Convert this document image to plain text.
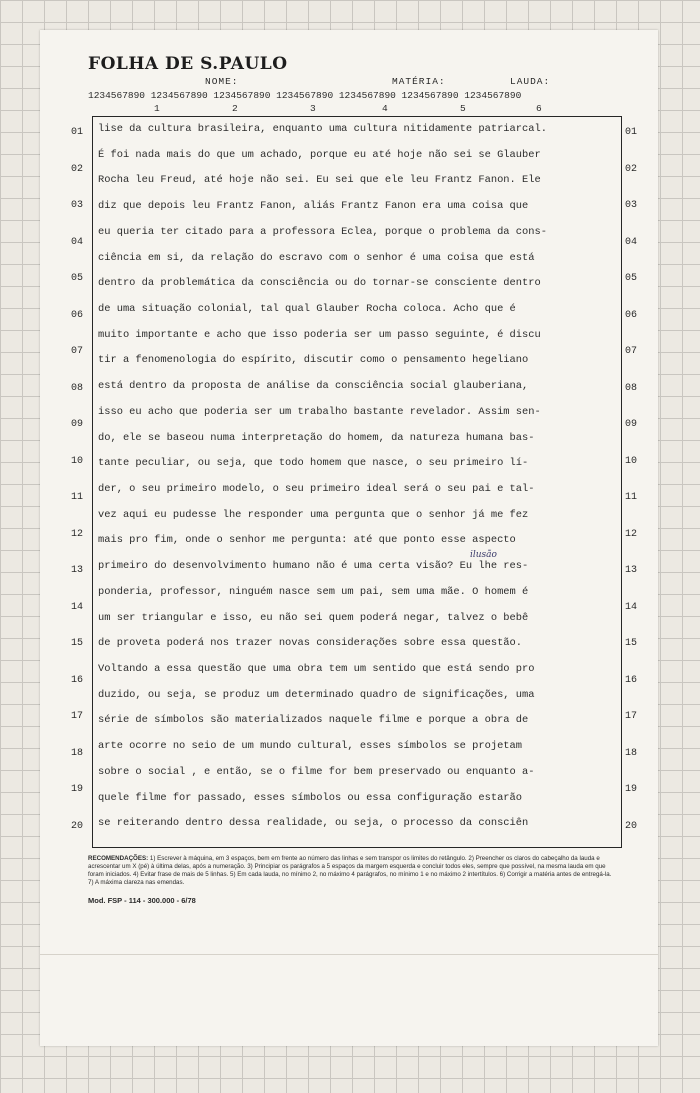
FOLHA DE S.PAULO
NOME:	MATÉRIA:	LAUDA:
1234567890 1234567890 1234567890 1234567890 1234567890 1234567890 1234567890
1	2	3	4	5	6
ilusão
RECOMENDAÇÕES: 1) Escrever à máquina, em 3 espaços, bem em frente ao número das linhas e sem transpor os limites do retângulo. 2) Preencher os claros do cabeçalho da lauda e acrescentar um X (pé) à última delas, após a numeração. 3) Principiar os parágrafos a 5 espaços da margem esquerda e concluir todos eles, sempre que possível, na mesma lauda em que foram iniciados. 4) Evitar frase de mais de 5 linhas. 5) Em cada lauda, no mínimo 2, no máximo 4 parágrafos, no mínimo 1 e no máximo 2 intertítulos. 6) Corrigir a matéria antes de entregá-la. 7) A máxima clareza nas emendas.
Mod. FSP - 114 - 300.000 - 6/78
01	01
02	02
03	03
04	04
05	05
06	06
07	07
08	08
09	09
10	10
11	11
12	12
13	13
14	14
15	15
16	16
17	17
18	18
19	19
20	20
lise da cultura brasileira, enquanto uma cultura nitidamente patriarcal.
É foi nada mais do que um achado, porque eu até hoje não sei se Glauber
Rocha leu Freud, até hoje não sei. Eu sei que ele leu Frantz Fanon. Ele
diz que depois leu Frantz Fanon, aliás Frantz Fanon era uma coisa que
eu queria ter citado para a professora Eclea, porque o problema da cons-
ciência em si, da relação do escravo com o senhor é uma coisa que está
dentro da problemática da consciência ou do tornar-se consciente dentro
de uma situação colonial, tal qual Glauber Rocha coloca. Acho que é
muito importante e acho que isso poderia ser um passo seguinte, é discu
tir a fenomenologia do espírito, discutir como o pensamento hegeliano
está dentro da proposta de análise da consciência social glauberiana,
isso eu acho que poderia ser um trabalho bastante revelador. Assim sen-
do, ele se baseou numa interpretação do homem, da natureza humana bas-
tante peculiar, ou seja, que todo homem que nasce, o seu primeiro lí-
der, o seu primeiro modelo, o seu primeiro ideal será o seu pai e tal-
vez aqui eu pudesse lhe responder uma pergunta que o senhor já me fez
mais pro fim, onde o senhor me pergunta: até que ponto esse aspecto
primeiro do desenvolvimento humano não é uma certa visão? Eu lhe res-
ponderia, professor, ninguém nasce sem um pai, sem uma mãe. O homem é
um ser triangular e isso, eu não sei quem poderá negar, talvez o bebê
de proveta poderá nos trazer novas considerações sobre essa questão.
Voltando a essa questão que uma obra tem um sentido que está sendo pro
duzido, ou seja, se produz um determinado quadro de significações, uma
série de símbolos são materializados naquele filme e porque a obra de
arte ocorre no seio de um mundo cultural, esses símbolos se projetam
sobre o social , e então, se o filme for bem preservado ou enquanto a-
quele filme for passado, esses símbolos ou essa configuração estarão
se reiterando dentro dessa realidade, ou seja, o processo da consciên
